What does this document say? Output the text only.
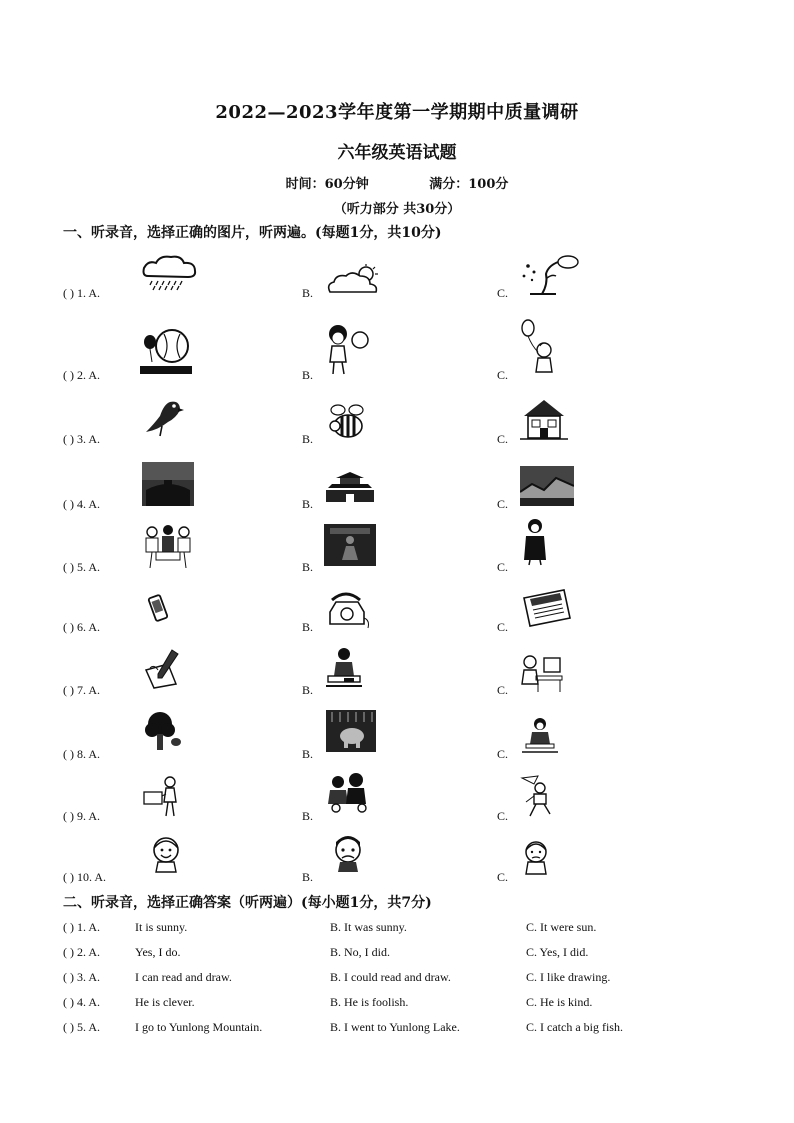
2022—2023学年度第一学期期中质量调研
六年级英语试题
时间：60分钟	满分：100分
（听力部分 共30分）
一、听录音，选择正确的图片，听两遍。(每题1分，共10分)
( ) 1. A.	B.	C.
( ) 2. A.	B.	C.
( ) 3. A.	B.	C.
( ) 4. A.	B.	C.
( ) 5. A.	B.	C.
( ) 6. A.	B.	C.
( ) 7. A.	B.	C.
( ) 8. A.	B.	C.
( ) 9. A.	B.	C.
( ) 10. A.	B.	C.
二、听录音，选择正确答案（听两遍）(每小题1分，共7分)
( ) 1. A.	It is sunny.	B. It was sunny.	C. It were sun.
( ) 2. A.	Yes, I do.	B. No, I did.	C. Yes, I did.
( ) 3. A.	I can read and draw.	B. I could read and draw.	C. I like drawing.
( ) 4. A.	He is clever.	B. He is foolish.	C. He is kind.
( ) 5. A.	I go to Yunlong Mountain.	B. I went to Yunlong Lake.	C. I catch a big fish.
